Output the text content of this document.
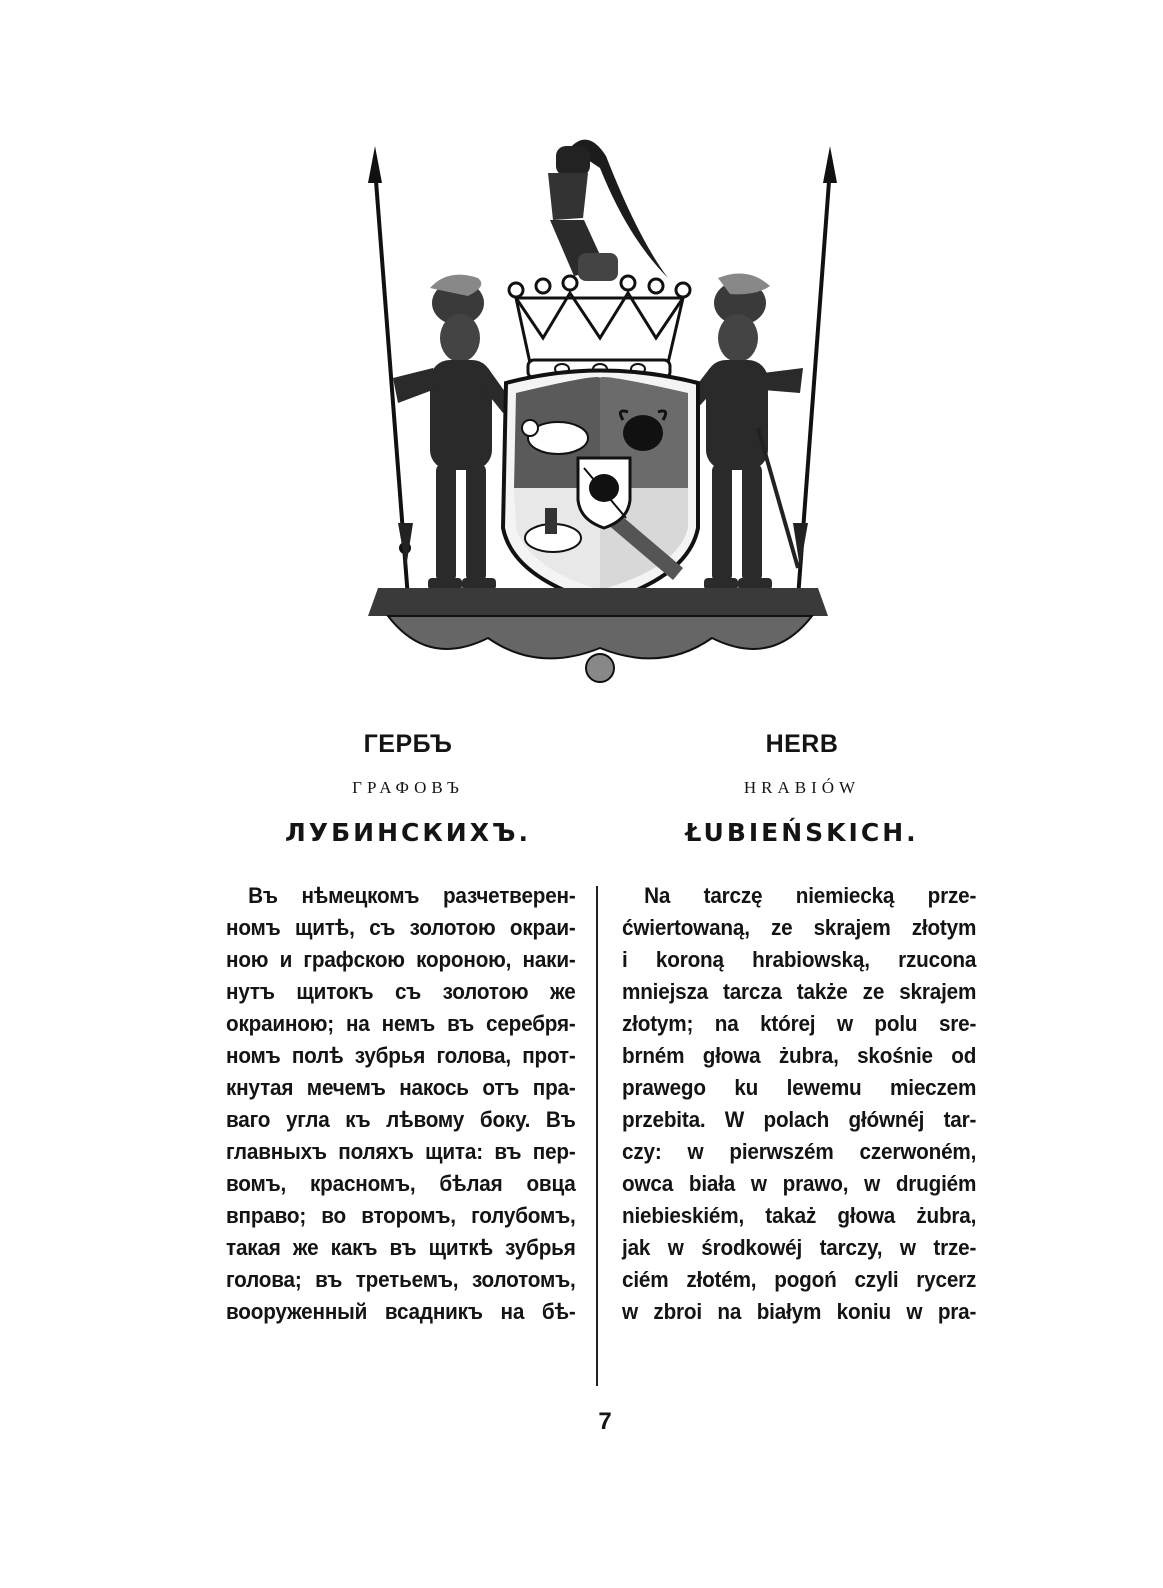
ГЕРБЪ
ГРАФОВЪ
ЛУБИНСКИХЪ.
HERB
HRABIÓW
ŁUBIEŃSKICH.
Въ нѣмецкомъ разчетверен-
номъ щитѣ, съ золотою окраи-
ною и графскою короною, наки-
нутъ щитокъ съ золотою же
окраиною; на немъ въ серебря-
номъ полѣ зубрья голова, прот-
кнутая мечемъ накось отъ пра-
ваго угла къ лѣвому боку. Въ
главныхъ поляхъ щита: въ пер-
вомъ, красномъ, бѣлая овца
вправо; во второмъ, голубомъ,
такая же какъ въ щиткѣ зубрья
голова; въ третьемъ, золотомъ,
вооруженный всадникъ на бѣ-
Na tarczę niemiecką prze-
ćwiertowaną, ze skrajem złotym
i koroną hrabiowską, rzucona
mniejsza tarcza także ze skrajem
złotym; na której w polu sre-
brném głowa żubra, skośnie od
prawego ku lewemu mieczem
przebita. W polach głównéj tar-
czy: w pierwszém czerwoném,
owca biała w prawo, w drugiém
niebieskiém, takaż głowa żubra,
jak w środkowéj tarczy, w trze-
ciém złotém, pogoń czyli rycerz
w zbroi na białym koniu w pra-
7
